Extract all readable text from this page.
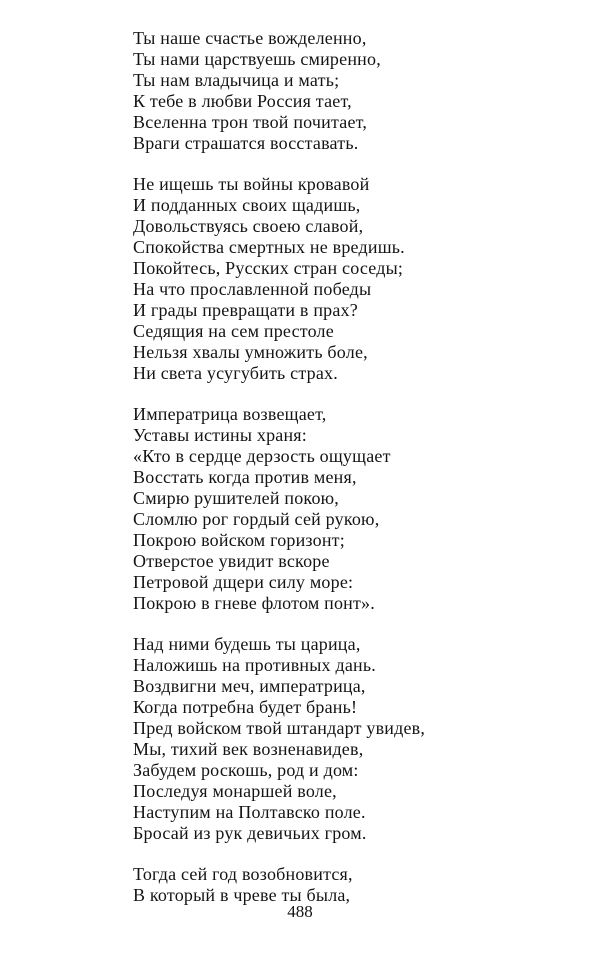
Ты наше счастье вожделенно,
Ты нами царствуешь смиренно,
Ты нам владычица и мать;
К тебе в любви Россия тает,
Вселенна трон твой почитает,
Враги страшатся восставать.
Не ищешь ты войны кровавой
И подданных своих щадишь,
Довольствуясь своею славой,
Спокойства смертных не вредишь.
Покойтесь, Русских стран соседы;
На что прославленной победы
И грады превращати в прах?
Седящия на сем престоле
Нельзя хвалы умножить боле,
Ни света усугубить страх.
Императрица возвещает,
Уставы истины храня:
«Кто в сердце дерзость ощущает
Восстать когда против меня,
Смирю рушителей покою,
Сломлю рог гордый сей рукою,
Покрою войском горизонт;
Отверстое увидит вскоре
Петровой дщери силу море:
Покрою в гневе флотом понт».
Над ними будешь ты царица,
Наложишь на противных дань.
Воздвигни меч, императрица,
Когда потребна будет брань!
Пред войском твой штандарт увидев,
Мы, тихий век возненавидев,
Забудем роскошь, род и дом:
Последуя монаршей воле,
Наступим на Полтавско поле.
Бросай из рук девичьих гром.
Тогда сей год возобновится,
В который в чреве ты была,
488
